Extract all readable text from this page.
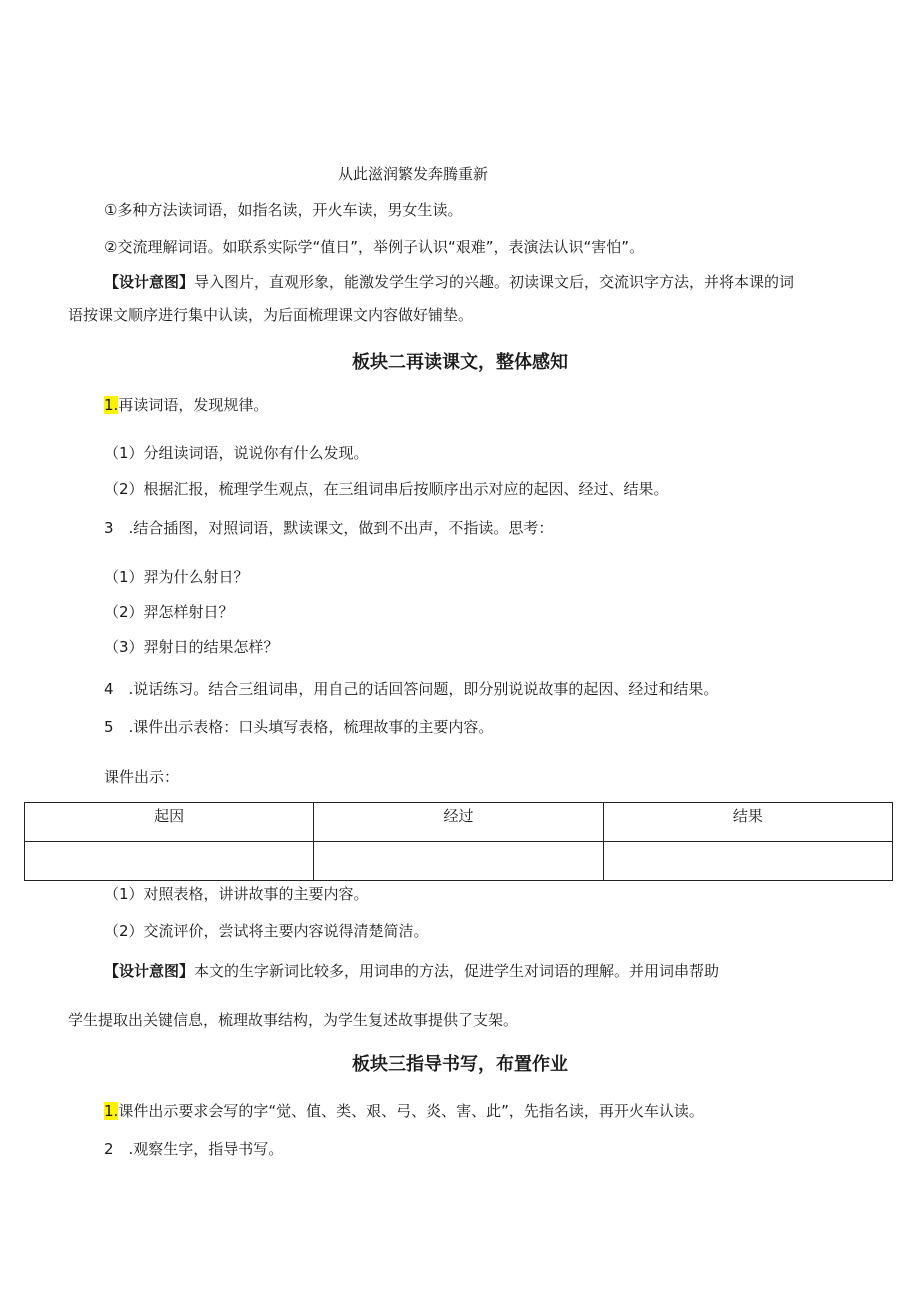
从此滋润繁发奔腾重新
①多种方法读词语，如指名读，开火车读，男女生读。
②交流理解词语。如联系实际学“值日”，举例子认识“艰难”，表演法认识“害怕”。
【设计意图】导入图片，直观形象，能激发学生学习的兴趣。初读课文后，交流识字方法，并将本课的词
语按课文顺序进行集中认读，为后面梳理课文内容做好铺垫。
板块二再读课文，整体感知
1.再读词语，发现规律。
（1）分组读词语，说说你有什么发现。
（2）根据汇报，梳理学生观点，在三组词串后按顺序出示对应的起因、经过、结果。
3　.结合插图，对照词语，默读课文，做到不出声，不指读。思考：
（1）羿为什么射日？
（2）羿怎样射日？
（3）羿射日的结果怎样？
4　.说话练习。结合三组词串，用自己的话回答问题，即分别说说故事的起因、经过和结果。
5　.课件出示表格：口头填写表格，梳理故事的主要内容。
课件出示：
起因	经过	结果

（1）对照表格，讲讲故事的主要内容。
（2）交流评价，尝试将主要内容说得清楚简洁。
【设计意图】本文的生字新词比较多，用词串的方法，促进学生对词语的理解。并用词串帮助
学生提取出关键信息，梳理故事结构，为学生复述故事提供了支架。
板块三指导书写，布置作业
1.课件出示要求会写的字“觉、值、类、艰、弓、炎、害、此”，先指名读，再开火车认读。
2　.观察生字，指导书写。
